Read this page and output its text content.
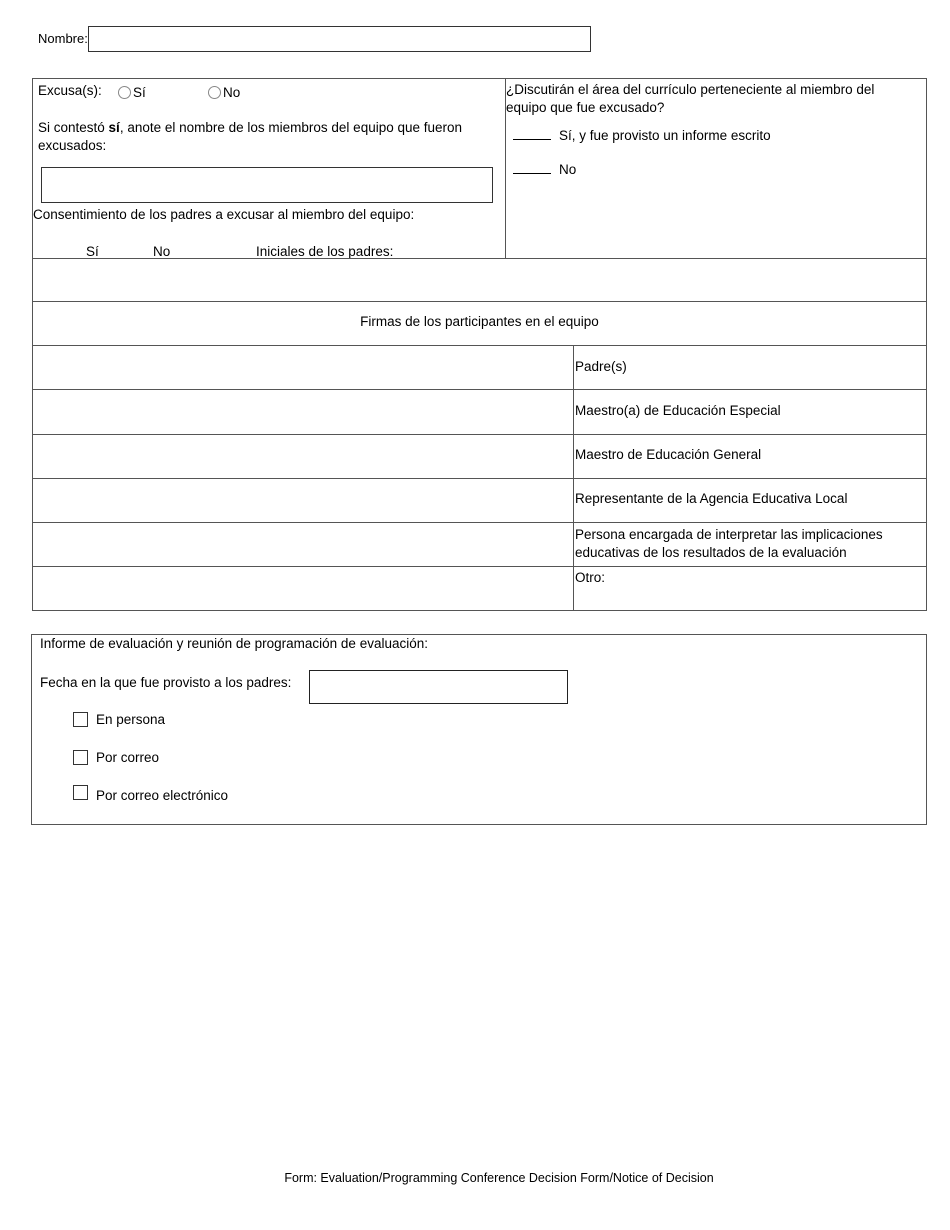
Nombre:
Excusa(s):	Sí	No
Si contestó sí, anote el nombre de los miembros del equipo que fueron excusados:
Consentimiento de los padres a excusar al miembro del equipo:
Sí	No	Iniciales de los padres:
¿Discutirán el área del currículo perteneciente al miembro del equipo que fue excusado?
Sí, y fue provisto un informe escrito
No
Firmas de los participantes en el equipo
Padre(s)
Maestro(a) de Educación Especial
Maestro de Educación General
Representante de la Agencia Educativa Local
Persona encargada de interpretar las implicaciones educativas de los resultados de la evaluación
Otro:
Informe de evaluación y reunión de programación de evaluación:
Fecha en la que fue provisto a los padres:
En persona
Por correo
Por correo electrónico
Form: Evaluation/Programming Conference Decision Form/Notice of Decision
